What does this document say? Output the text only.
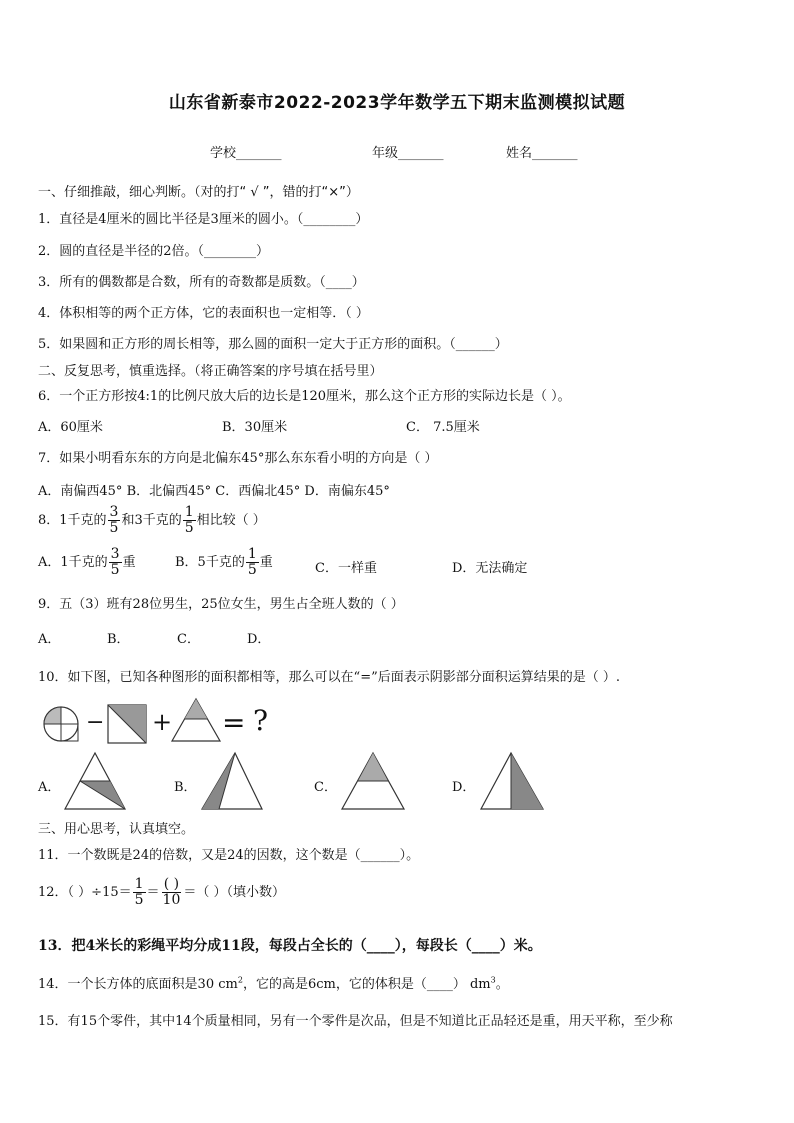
山东省新泰市2022-2023学年数学五下期末监测模拟试题
学校_______	年级_______	姓名_______
一、仔细推敲，细心判断。（对的打“ √ ”，错的打“×”）
1．直径是4厘米的圆比半径是3厘米的圆小。（________）
2．圆的直径是半径的2倍。（________）
3．所有的偶数都是合数，所有的奇数都是质数。（____）
4．体积相等的两个正方体，它的表面积也一定相等．（ ）
5．如果圆和正方形的周长相等，那么圆的面积一定大于正方形的面积。（______）
二、反复思考，慎重选择。（将正确答案的序号填在括号里）
6．一个正方形按4:1的比例尺放大后的边长是120厘米，那么这个正方形的实际边长是（ ）。
A．60厘米	B．30厘米	C． 7.5厘米
7．如果小明看东东的方向是北偏东45°那么东东看小明的方向是（ ）
A．南偏西45° B．北偏西45° C．西偏北45° D．南偏东45°
8．1千克的 $\frac{3}{5}$ 和3千克的 $\frac{1}{5}$ 相比较（ ）
A．1千克的 $\frac{3}{5}$ 重	B．5千克的 $\frac{1}{5}$ 重	C．一样重	D．无法确定
9．五（3）班有28位男生，25位女生，男生占全班人数的（ ）
A．	B．	C．	D．
10．如下图，已知各种图形的面积都相等，那么可以在“=”后面表示阴影部分面积运算结果的是（ ）.
− + = ?
A．	B．	C．	D．
三、用心思考，认真填空。
11．一个数既是24的倍数，又是24的因数，这个数是（______）。
12．（ ）$\div 15= \frac{1}{5} = \frac{( )}{10}$ ＝（ ）（填小数）
13．把4米长的彩绳平均分成11段，每段占全长的（____），每段长（____）米。
14．一个长方体的底面积是30 $cm^2$，它的高是6cm，它的体积是（____） $dm^3$。
15．有15个零件，其中14个质量相同，另有一个零件是次品，但是不知道比正品轻还是重，用天平称，至少称
